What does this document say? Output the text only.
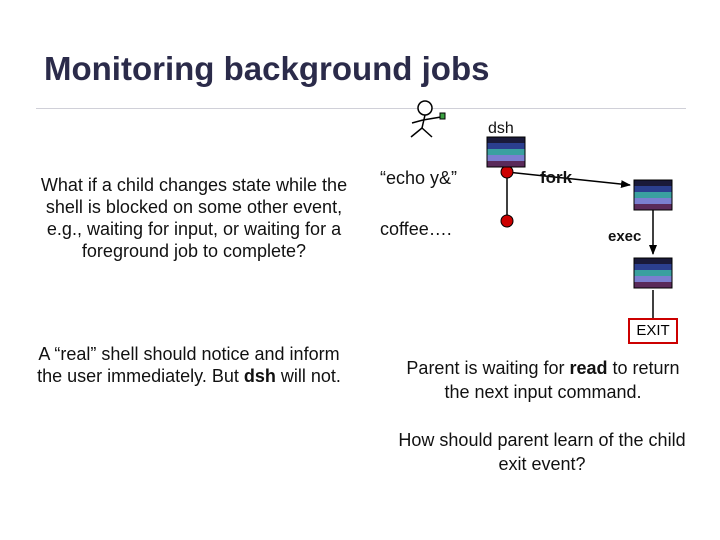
Monitoring background jobs
What if a child changes state while the shell is blocked on some other event, e.g., waiting for input, or waiting for a foreground job to complete?
A “real” shell should notice and inform the user immediately. But dsh will not.
dsh
“echo y&”
coffee….
fork
exec
EXIT
Parent is waiting for read to return the next input command.
How should parent learn of the child exit event?
